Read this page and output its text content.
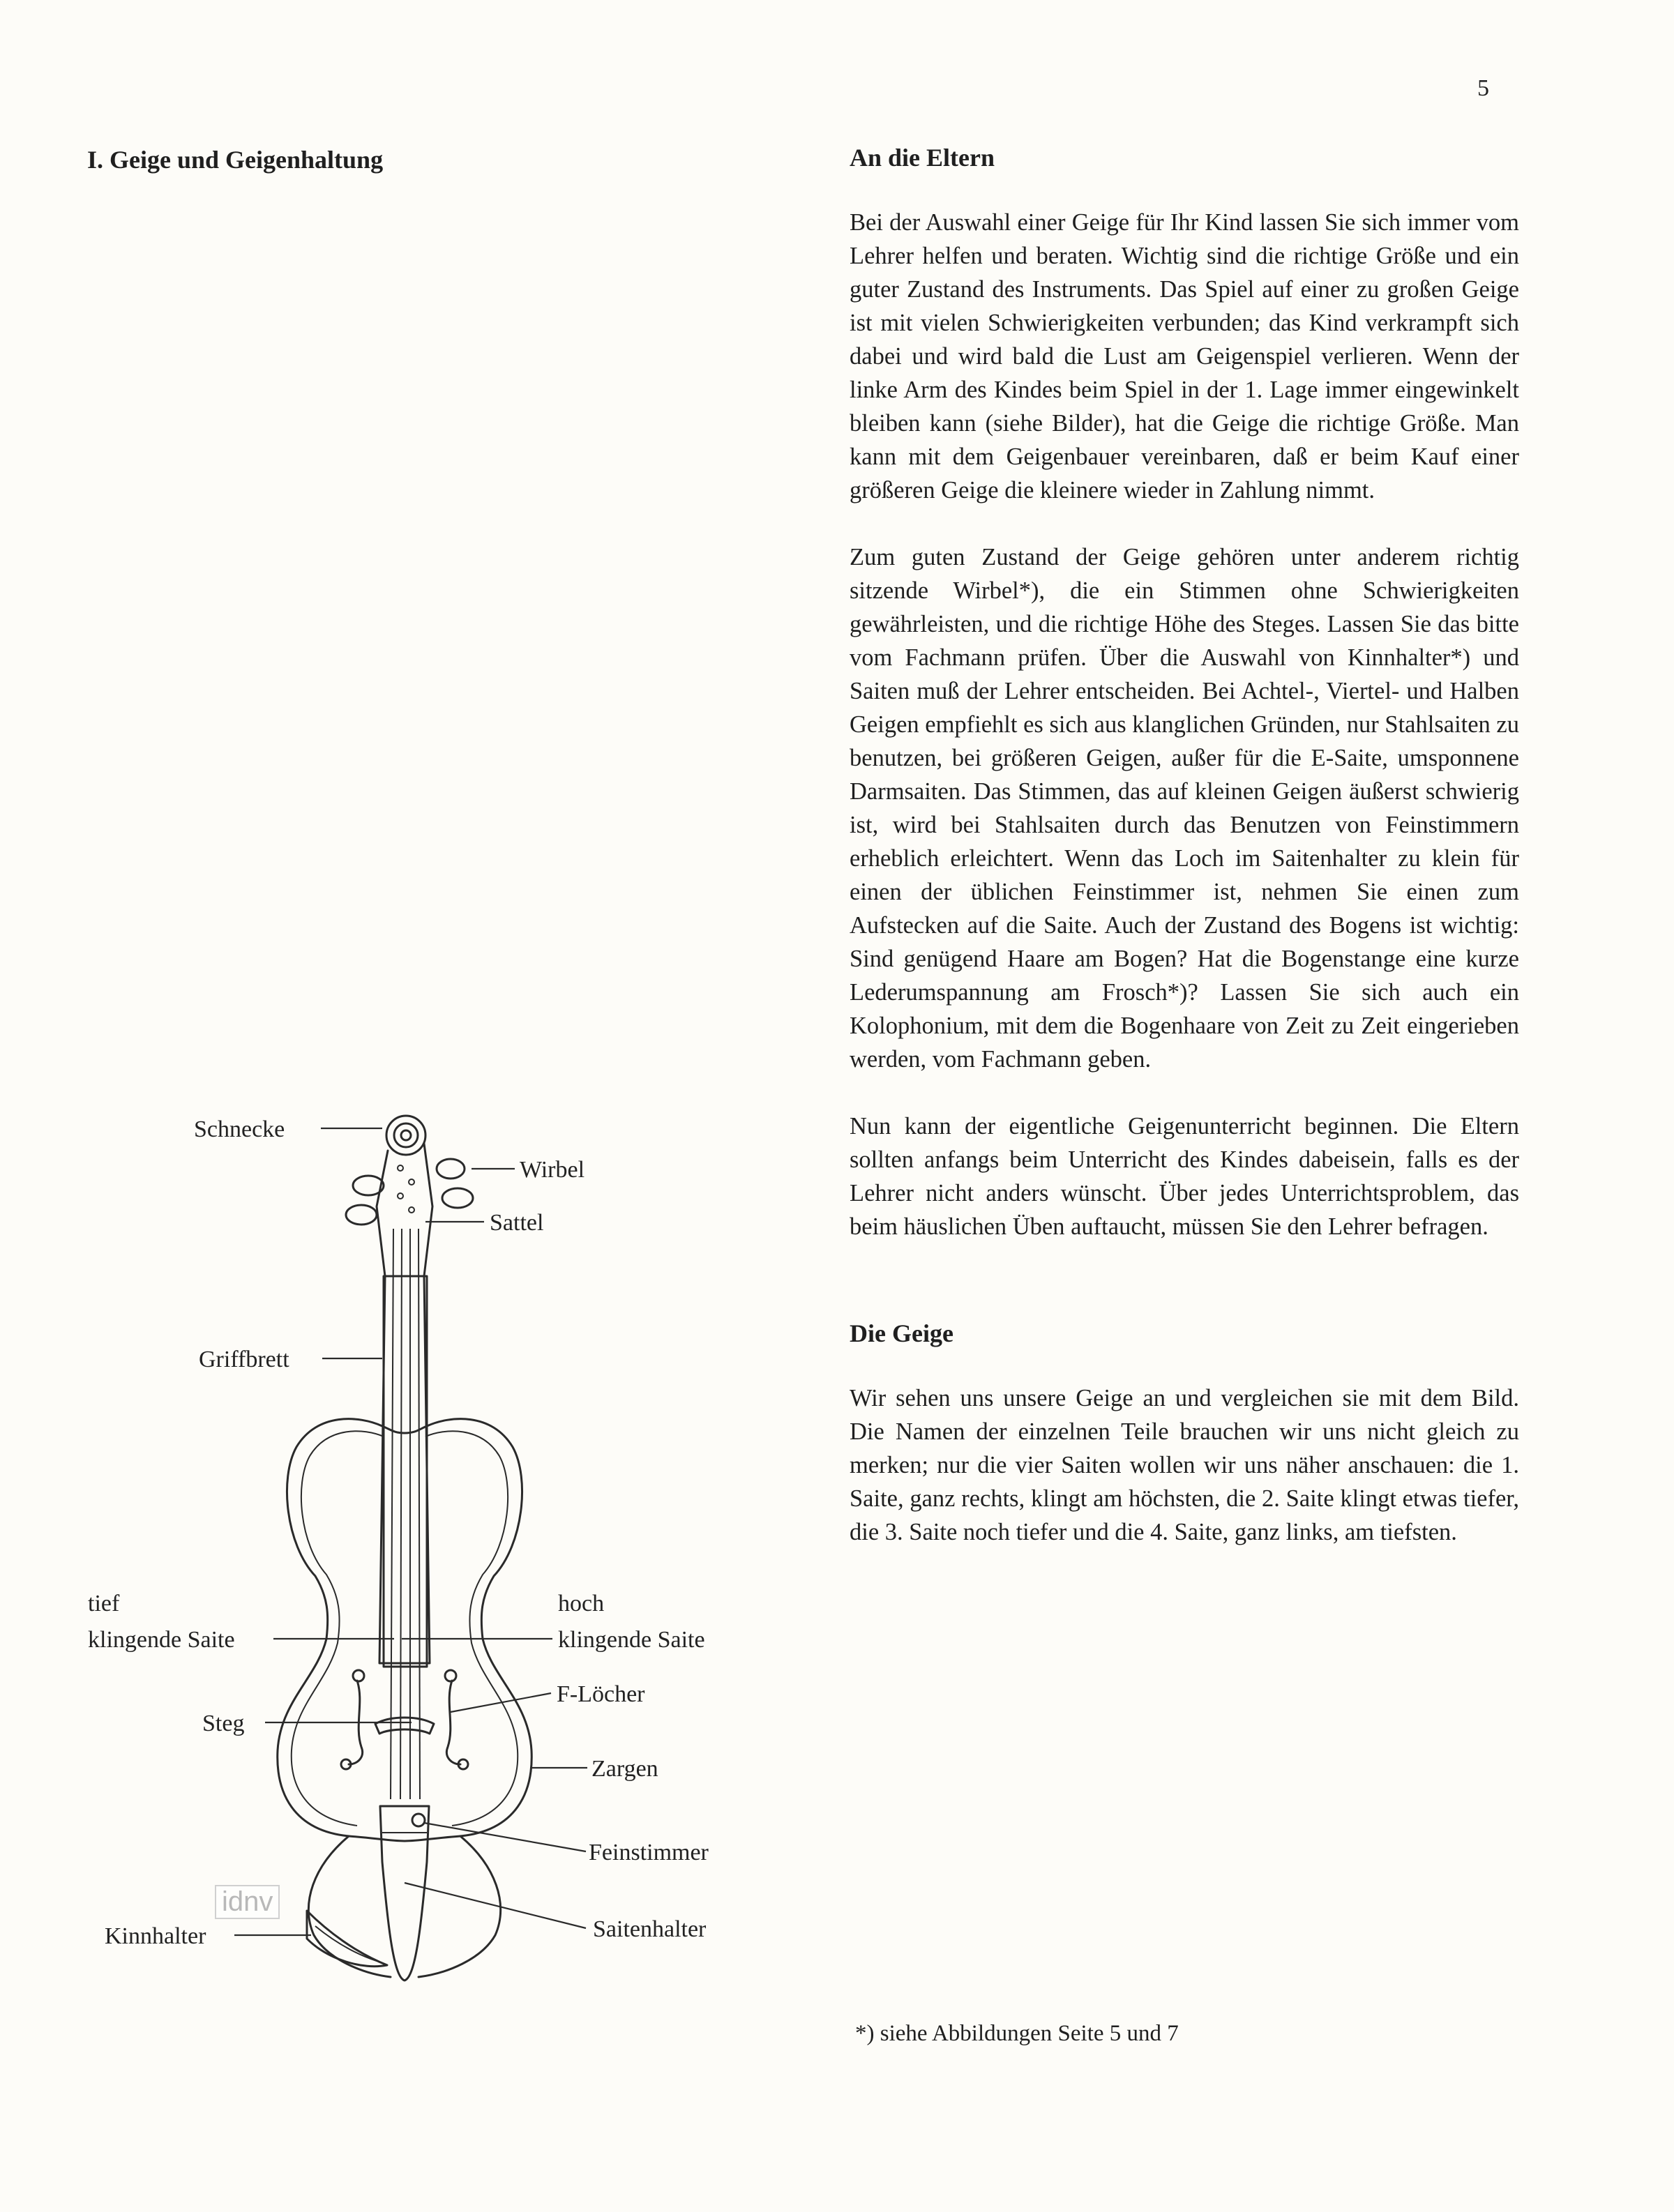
5
I. Geige und Geigenhaltung	An die Eltern

Bei der Auswahl einer Geige für Ihr Kind lassen Sie sich immer vom Lehrer helfen und beraten. Wichtig sind die richtige Größe und ein guter Zustand des Instruments. Das Spiel auf einer zu großen Geige ist mit vielen Schwierigkeiten verbunden; das Kind verkrampft sich dabei und wird bald die Lust am Geigenspiel verlieren. Wenn der linke Arm des Kindes beim Spiel in der 1. Lage immer eingewinkelt bleiben kann (siehe Bilder), hat die Geige die richtige Größe. Man kann mit dem Geigenbauer vereinbaren, daß er beim Kauf einer größeren Geige die kleinere wieder in Zahlung nimmt.

Zum guten Zustand der Geige gehören unter anderem richtig sitzende Wirbel*), die ein Stimmen ohne Schwierigkeiten gewährleisten, und die richtige Höhe des Steges. Lassen Sie das bitte vom Fachmann prüfen. Über die Auswahl von Kinnhalter*) und Saiten muß der Lehrer entscheiden. Bei Achtel-, Viertel- und Halben Geigen empfiehlt es sich aus klanglichen Gründen, nur Stahlsaiten zu benutzen, bei größeren Geigen, außer für die E-Saite, umsponnene Darmsaiten. Das Stimmen, das auf kleinen Geigen äußerst schwierig ist, wird bei Stahlsaiten durch das Benutzen von Feinstimmern erheblich erleichtert. Wenn das Loch im Saitenhalter zu klein für einen der üblichen Feinstimmer ist, nehmen Sie einen zum Aufstecken auf die Saite. Auch der Zustand des Bogens ist wichtig: Sind genügend Haare am Bogen? Hat die Bogenstange eine kurze Lederumspannung am Frosch*)? Lassen Sie sich auch ein Kolophonium, mit dem die Bogenhaare von Zeit zu Zeit eingerieben werden, vom Fachmann geben.

Nun kann der eigentliche Geigenunterricht beginnen. Die Eltern sollten anfangs beim Unterricht des Kindes dabeisein, falls es der Lehrer nicht anders wünscht. Über jedes Unterrichtsproblem, das beim häuslichen Üben auftaucht, müssen Sie den Lehrer befragen.

Die Geige

Wir sehen uns unsere Geige an und vergleichen sie mit dem Bild. Die Namen der einzelnen Teile brauchen wir uns nicht gleich zu merken; nur die vier Saiten wollen wir uns näher anschauen: die 1. Saite, ganz rechts, klingt am höchsten, die 2. Saite klingt etwas tiefer, die 3. Saite noch tiefer und die 4. Saite, ganz links, am tiefsten.

*) siehe Abbildungen Seite 5 und 7
Schnecke
Wirbel
Sattel
Griffbrett
tief
klingende Saite
hoch
klingende Saite
F-Löcher
Steg
Zargen
Feinstimmer
Saitenhalter
Kinnhalter
idnv
